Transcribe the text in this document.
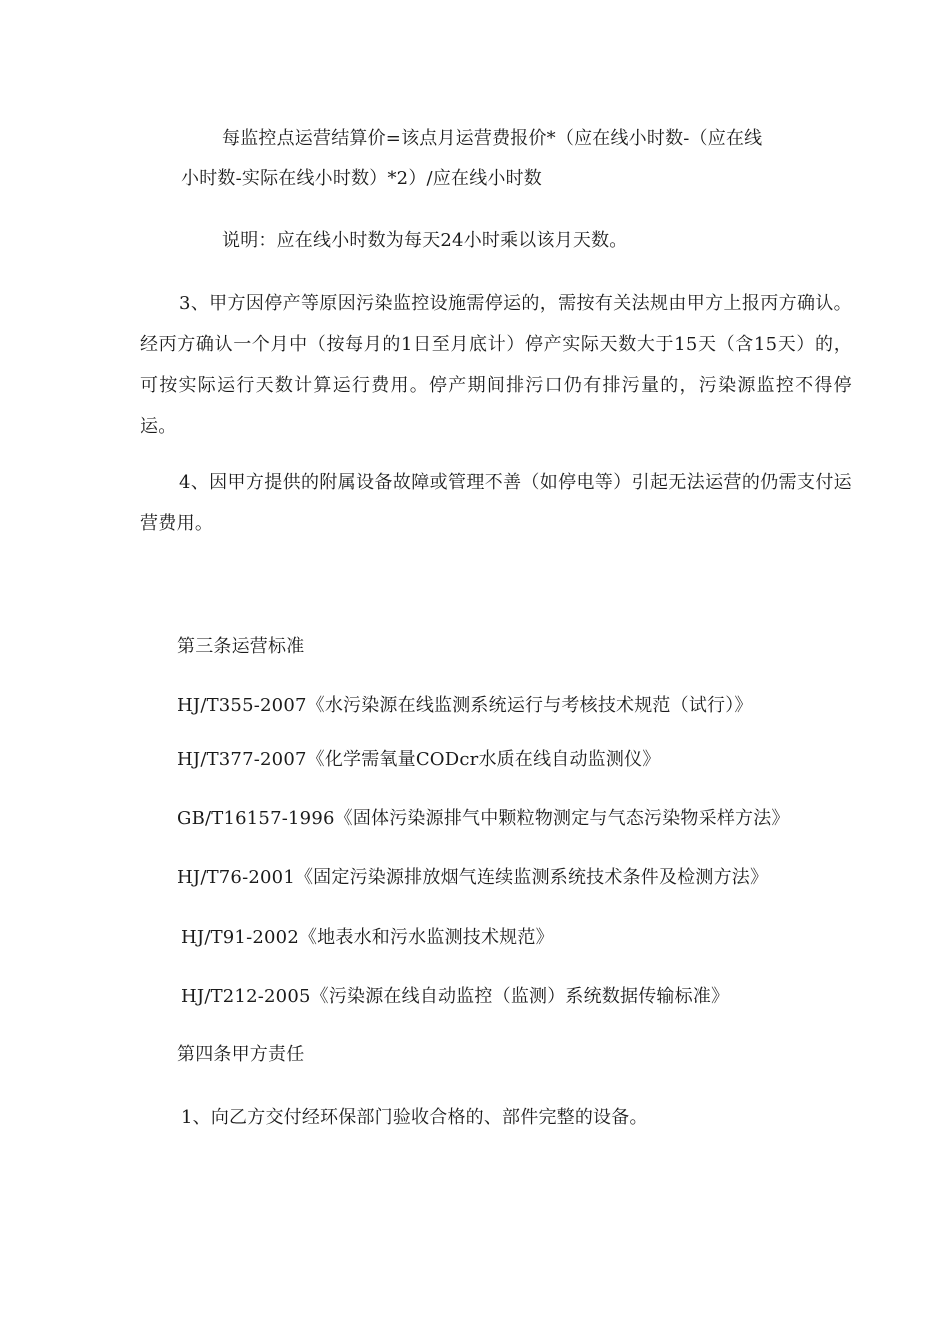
每监控点运营结算价=该点月运营费报价*（应在线小时数-（应在线
小时数-实际在线小时数）*2）/应在线小时数
说明：应在线小时数为每天24小时乘以该月天数。
3、甲方因停产等原因污染监控设施需停运的，需按有关法规由甲方上报丙方确认。经丙方确认一个月中（按每月的1日至月底计）停产实际天数大于15天（含15天）的，可按实际运行天数计算运行费用。停产期间排污口仍有排污量的，污染源监控不得停运。
4、因甲方提供的附属设备故障或管理不善（如停电等）引起无法运营的仍需支付运营费用。
第三条运营标准
HJ/T355-2007《水污染源在线监测系统运行与考核技术规范（试行）》
HJ/T377-2007《化学需氧量CODcr水质在线自动监测仪》
GB/T16157-1996《固体污染源排气中颗粒物测定与气态污染物采样方法》
HJ/T76-2001《固定污染源排放烟气连续监测系统技术条件及检测方法》
HJ/T91-2002《地表水和污水监测技术规范》
HJ/T212-2005《污染源在线自动监控（监测）系统数据传输标准》
第四条甲方责任
1、向乙方交付经环保部门验收合格的、部件完整的设备。
